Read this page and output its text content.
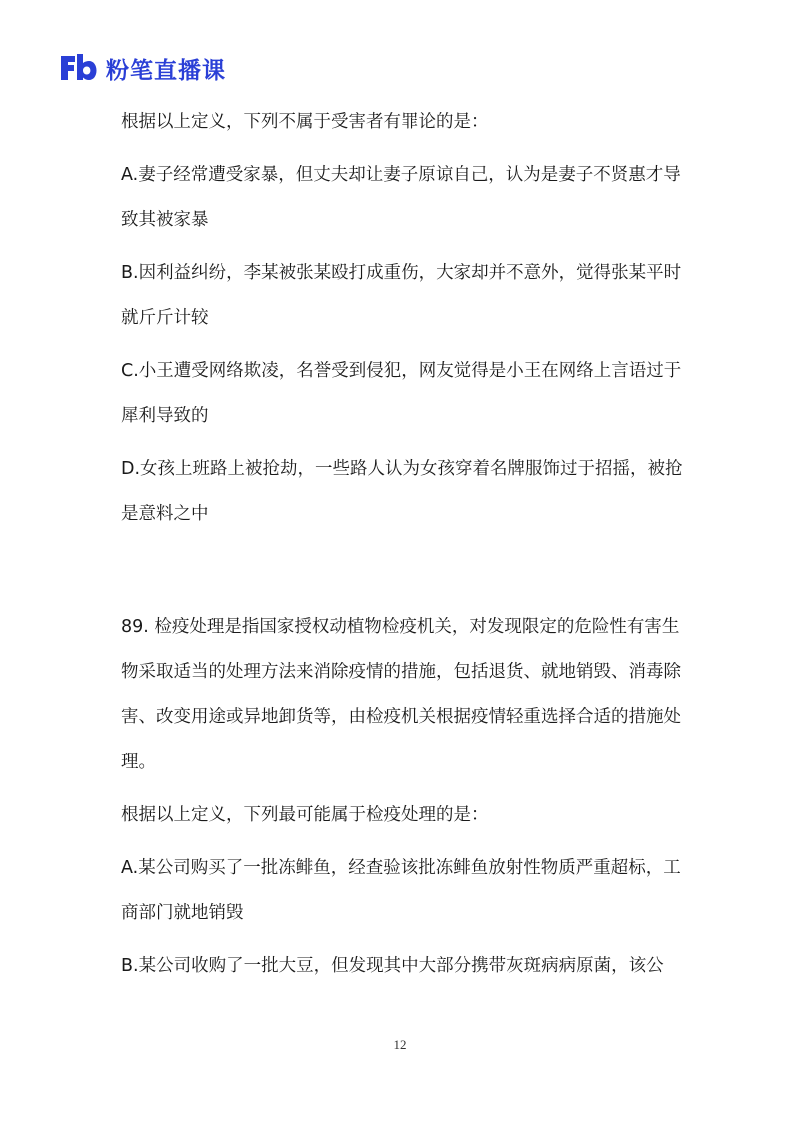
粉笔直播课

根据以上定义，下列不属于受害者有罪论的是：

A.妻子经常遭受家暴，但丈夫却让妻子原谅自己，认为是妻子不贤惠才导致其被家暴

B.因利益纠纷，李某被张某殴打成重伤，大家却并不意外，觉得张某平时就斤斤计较

C.小王遭受网络欺凌，名誉受到侵犯，网友觉得是小王在网络上言语过于犀利导致的

D.女孩上班路上被抢劫，一些路人认为女孩穿着名牌服饰过于招摇，被抢是意料之中

89. 检疫处理是指国家授权动植物检疫机关，对发现限定的危险性有害生物采取适当的处理方法来消除疫情的措施，包括退货、就地销毁、消毒除害、改变用途或异地卸货等，由检疫机关根据疫情轻重选择合适的措施处理。

根据以上定义，下列最可能属于检疫处理的是：

A.某公司购买了一批冻鲱鱼，经查验该批冻鲱鱼放射性物质严重超标，工商部门就地销毁

B.某公司收购了一批大豆，但发现其中大部分携带灰斑病病原菌，该公

12
